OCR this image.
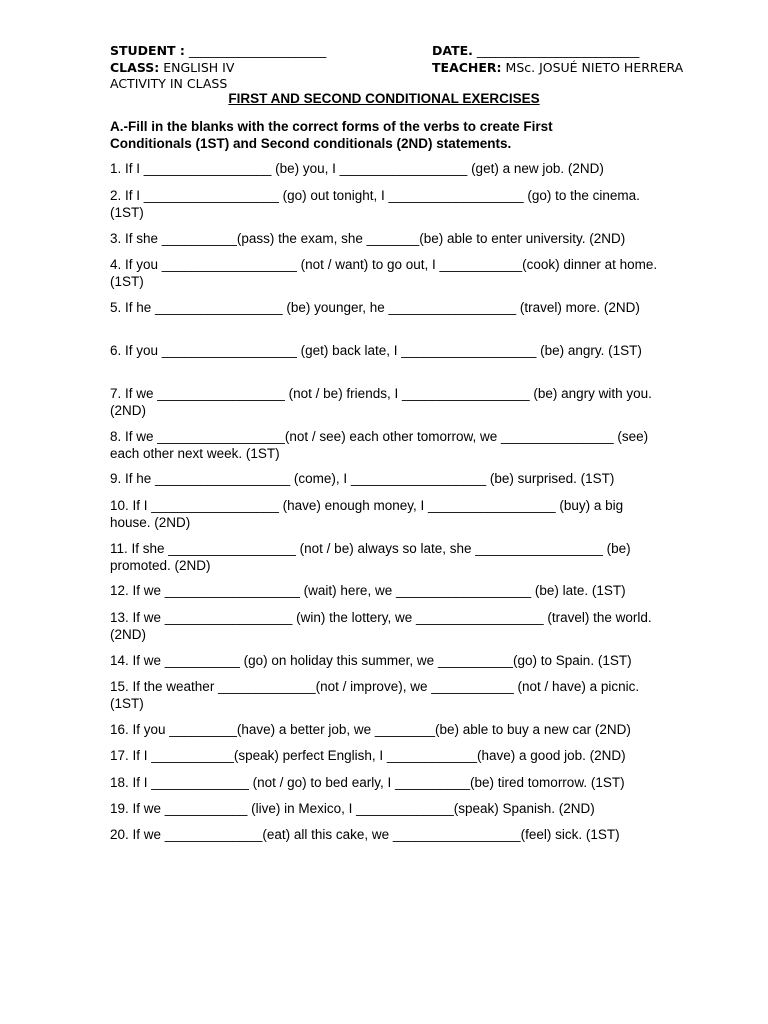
STUDENT : ______________________	DATE. __________________________
CLASS: ENGLISH IV	TEACHER: MSc. JOSUÉ NIETO HERRERA
ACTIVITY IN CLASS
FIRST AND SECOND CONDITIONAL EXERCISES
A.-Fill in the blanks with the correct forms of the verbs to create First Conditionals (1ST) and Second conditionals (2ND) statements.
1. If I _________________ (be) you, I _________________ (get) a new job. (2ND)
2. If I __________________ (go) out tonight, I __________________ (go) to the cinema. (1ST)
3. If she __________(pass) the exam, she _______(be) able to enter university. (2ND)
4. If you __________________ (not / want) to go out, I ___________(cook) dinner at home. (1ST)
5. If he _________________ (be) younger, he _________________ (travel) more. (2ND)
6. If you __________________ (get) back late, I __________________ (be) angry. (1ST)
7. If we _________________ (not / be) friends, I _________________ (be) angry with you. (2ND)
8. If we _________________(not / see) each other tomorrow, we _______________ (see) each other next week. (1ST)
9. If he __________________ (come), I __________________ (be) surprised. (1ST)
10. If I _________________ (have) enough money, I _________________ (buy) a big house. (2ND)
11. If she _________________ (not / be) always so late, she _________________ (be) promoted. (2ND)
12. If we __________________ (wait) here, we __________________ (be) late. (1ST)
13. If we _________________ (win) the lottery, we _________________ (travel) the world. (2ND)
14. If we __________ (go) on holiday this summer, we __________(go) to Spain. (1ST)
15. If the weather _____________(not / improve), we ___________ (not / have) a picnic. (1ST)
16. If you _________(have) a better job, we ________(be) able to buy a new car (2ND)
17. If I ___________(speak) perfect English, I ____________(have) a good job. (2ND)
18. If I _____________ (not / go) to bed early, I __________(be) tired tomorrow. (1ST)
19. If we ___________ (live) in Mexico, I _____________(speak) Spanish. (2ND)
20. If we _____________(eat) all this cake, we _________________(feel) sick. (1ST)
